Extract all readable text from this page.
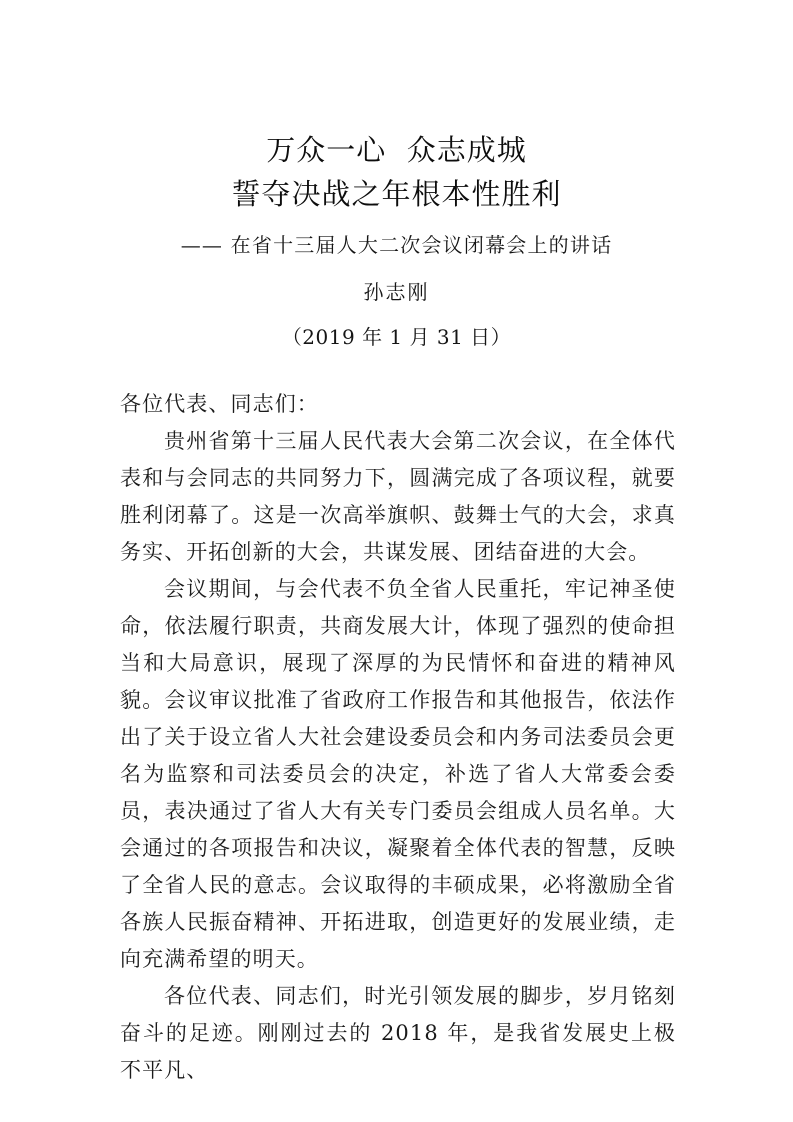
万众一心  众志成城
誓夺决战之年根本性胜利
—— 在省十三届人大二次会议闭幕会上的讲话
孙志刚
（2019 年 1 月 31 日）
各位代表、同志们：

贵州省第十三届人民代表大会第二次会议，在全体代表和与会同志的共同努力下，圆满完成了各项议程，就要胜利闭幕了。这是一次高举旗帜、鼓舞士气的大会，求真务实、开拓创新的大会，共谋发展、团结奋进的大会。

会议期间，与会代表不负全省人民重托，牢记神圣使命，依法履行职责，共商发展大计，体现了强烈的使命担当和大局意识，展现了深厚的为民情怀和奋进的精神风貌。会议审议批准了省政府工作报告和其他报告，依法作出了关于设立省人大社会建设委员会和内务司法委员会更名为监察和司法委员会的决定，补选了省人大常委会委员，表决通过了省人大有关专门委员会组成人员名单。大会通过的各项报告和决议，凝聚着全体代表的智慧，反映了全省人民的意志。会议取得的丰硕成果，必将激励全省各族人民振奋精神、开拓进取，创造更好的发展业绩，走向充满希望的明天。

各位代表、同志们，时光引领发展的脚步，岁月铭刻奋斗的足迹。刚刚过去的 2018 年，是我省发展史上极不平凡、
